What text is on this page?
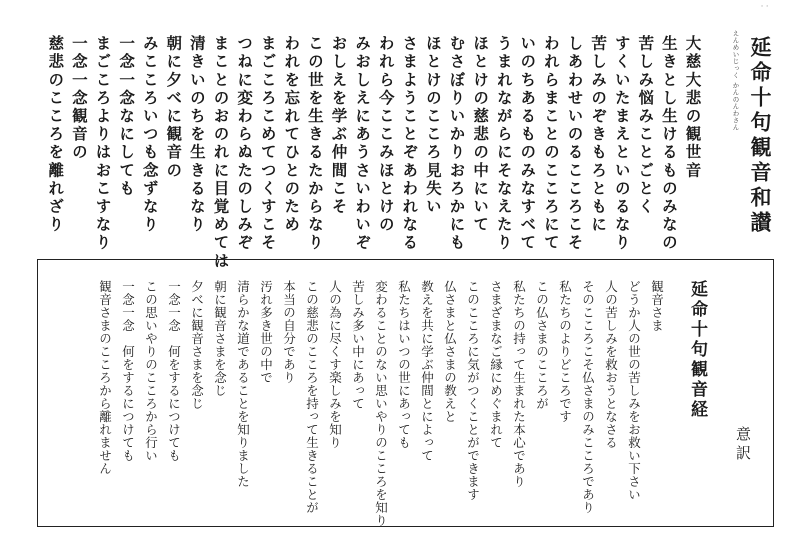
ﾟ ﾟ
えんめいじっく かんのんわさん 延命十句観音和讃
大慈大悲の観世音
生きとし生けるものみなの
苦しみ悩みことごとく
すくいたまえといのるなり
苦しみのぞきもろともに
しあわせいのるこころこそ
われらまことのこころにて
いのちあるものみなすべて
うまれながらにそなえたり
ほとけの慈悲の中にいて
むさぼりいかりおろかにも
ほとけのこころ見失い
さまようことぞあわれなる
われら今ここみほとけの
みおしえにあうさいわいぞ
おしえを学ぶ仲間こそ
この世を生きるたからなり
われを忘れてひとのため
まごころこめてつくすこそ
つねに変わらぬたのしみぞ
まことのおのれに目覚めては
清きいのちを生きるなり
朝に夕べに観音の
みこころいつも念ずなり
一念一念なにしても
まごころよりはおこすなり
一念一念観音の
慈悲のこころを離れざり
延命十句観音経
意訳
観音さま
どうか人の世の苦しみをお救い下さい
人の苦しみを救おうとなさる
そのこころこそ仏さまのみこころであり
私たちのよりどころです
この仏さまのこころが
私たちの持って生まれた本心であり
さまざまなご縁にめぐまれて
このこころに気がつくことができます
仏さまと仏さまの教えと
教えを共に学ぶ仲間とによって
私たちはいつの世にあっても
変わることのない思いやりのこころを知り
苦しみ多い中にあって
人の為に尽くす楽しみを知り
この慈悲のこころを持って生きることが
本当の自分であり
汚れ多き世の中で
清らかな道であることを知りました
朝に観音さまを念じ
夕べに観音さまを念じ
一念一念　何をするにつけても
この思いやりのこころから行い
一念一念　何をするにつけても
観音さまのこころから離れません
